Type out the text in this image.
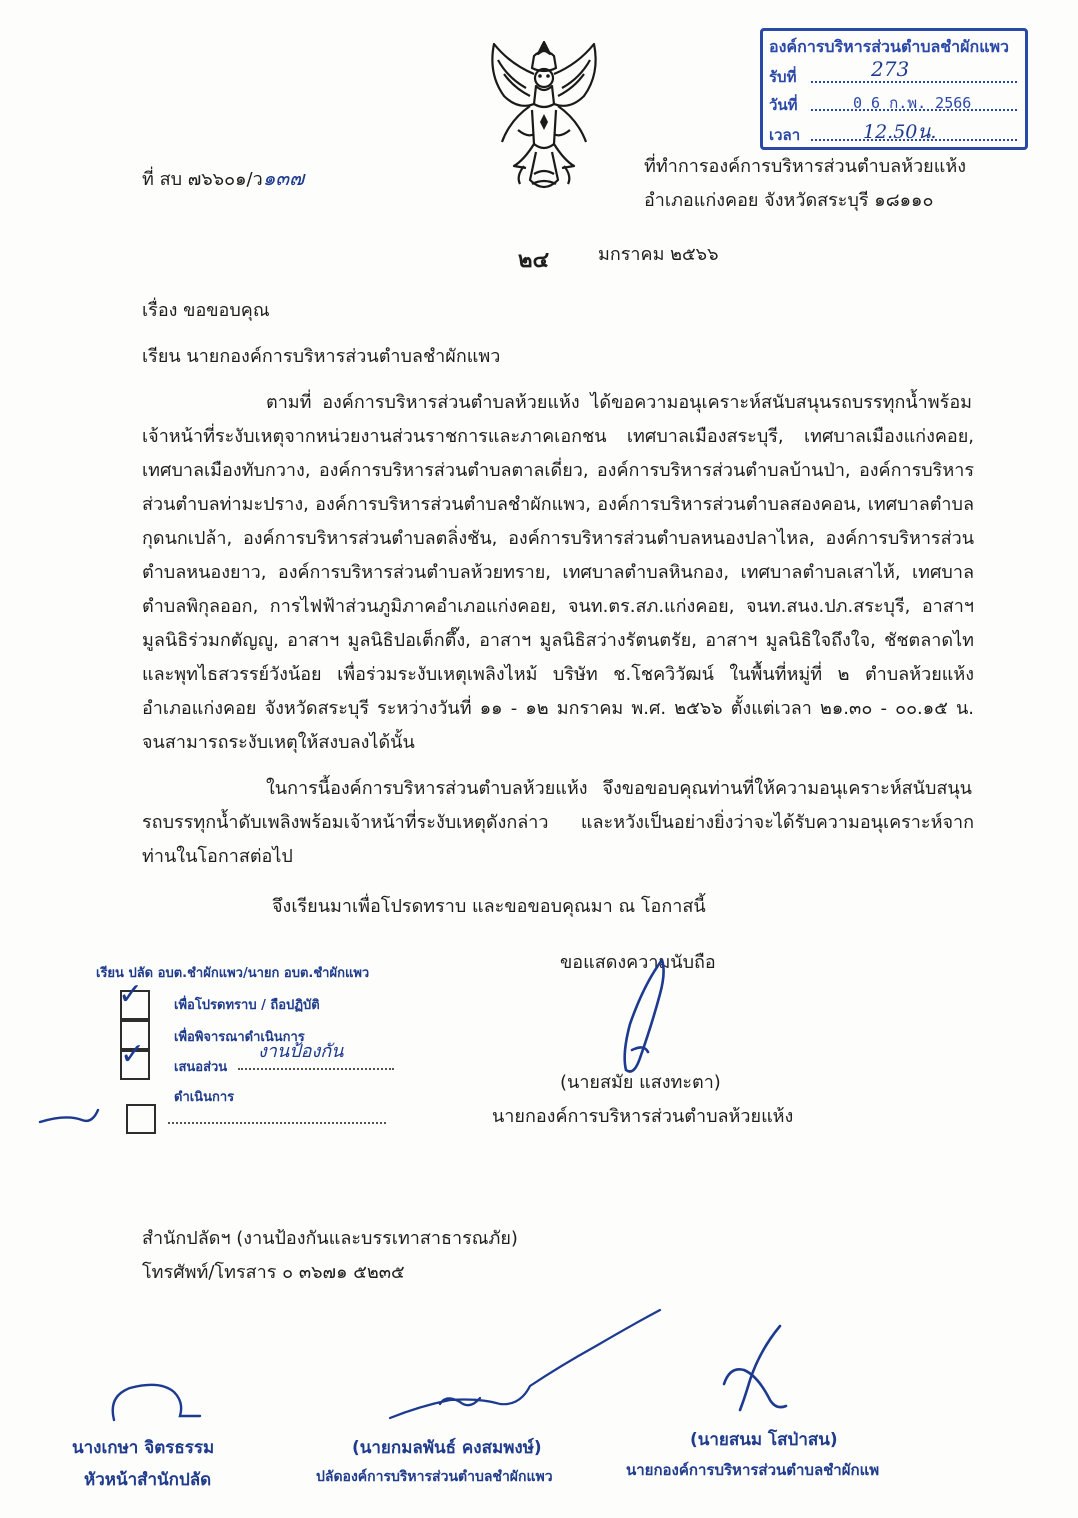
องค์การบริหารส่วนตำบลชำผักแพว
รับที่	273
วันที่	0 6 ก.พ. 2566
เวลา	12.50น.
ที่ สบ ๗๖๖๐๑/ว๑๓๗	ที่ทำการองค์การบริหารส่วนตำบลห้วยแห้ง
อำเภอแก่งคอย จังหวัดสระบุรี ๑๘๑๑๐
๒๔	มกราคม ๒๕๖๖
เรื่อง ขอขอบคุณ
เรียน นายกองค์การบริหารส่วนตำบลชำผักแพว
ตามที่ องค์การบริหารส่วนตำบลห้วยแห้ง ได้ขอความอนุเคราะห์สนับสนุนรถบรรทุกน้ำพร้อม
เจ้าหน้าที่ระงับเหตุจากหน่วยงานส่วนราชการและภาคเอกชน เทศบาลเมืองสระบุรี, เทศบาลเมืองแก่งคอย,
เทศบาลเมืองทับกวาง, องค์การบริหารส่วนตำบลตาลเดี่ยว, องค์การบริหารส่วนตำบลบ้านป่า, องค์การบริหาร
ส่วนตำบลท่ามะปราง, องค์การบริหารส่วนตำบลชำผักแพว, องค์การบริหารส่วนตำบลสองคอน, เทศบาลตำบล
กุดนกเปล้า, องค์การบริหารส่วนตำบลตลิ่งชัน, องค์การบริหารส่วนตำบลหนองปลาไหล, องค์การบริหารส่วน
ตำบลหนองยาว, องค์การบริหารส่วนตำบลห้วยทราย, เทศบาลตำบลหินกอง, เทศบาลตำบลเสาไห้, เทศบาล
ตำบลพิกุลออก, การไฟฟ้าส่วนภูมิภาคอำเภอแก่งคอย, จนท.ตร.สภ.แก่งคอย, จนท.สนง.ปภ.สระบุรี, อาสาฯ
มูลนิธิร่วมกตัญญู, อาสาฯ มูลนิธิปอเต็กตึ๊ง, อาสาฯ มูลนิธิสว่างรัตนตรัย, อาสาฯ มูลนิธิใจถึงใจ, ชัชตลาดไท
และพุทไธสวรรย์วังน้อย เพื่อร่วมระงับเหตุเพลิงไหม้ บริษัท ช.โชควิวัฒน์ ในพื้นที่หมู่ที่ ๒ ตำบลห้วยแห้ง
อำเภอแก่งคอย จังหวัดสระบุรี ระหว่างวันที่ ๑๑ - ๑๒ มกราคม พ.ศ. ๒๕๖๖ ตั้งแต่เวลา ๒๑.๓๐ - ๐๐.๑๕ น.
จนสามารถระงับเหตุให้สงบลงได้นั้น
ในการนี้องค์การบริหารส่วนตำบลห้วยแห้ง จึงขอขอบคุณท่านที่ให้ความอนุเคราะห์สนับสนุน
รถบรรทุกน้ำดับเพลิงพร้อมเจ้าหน้าที่ระงับเหตุดังกล่าว และหวังเป็นอย่างยิ่งว่าจะได้รับความอนุเคราะห์จาก
ท่านในโอกาสต่อไป
จึงเรียนมาเพื่อโปรดทราบ และขอขอบคุณมา ณ โอกาสนี้
ขอแสดงความนับถือ
(นายสมัย แสงทะตา)
นายกองค์การบริหารส่วนตำบลห้วยแห้ง
เรียน ปลัด อบต.ชำผักแพว/นายก อบต.ชำผักแพว
✓ เพื่อโปรดทราบ / ถือปฏิบัติ
เพื่อพิจารณาดำเนินการ
✓ เสนอส่วน
งานป้องกัน
ดำเนินการ
สำนักปลัดฯ (งานป้องกันและบรรเทาสาธารณภัย)
โทรศัพท์/โทรสาร ๐ ๓๖๗๑ ๕๒๓๕
นางเกษา จิตรธรรม
หัวหน้าสำนักปลัด
(นายกมลพันธ์ คงสมพงษ์)
ปลัดองค์การบริหารส่วนตำบลชำผักแพว
(นายสนม โสป่าสน)
นายกองค์การบริหารส่วนตำบลชำผักแพ
